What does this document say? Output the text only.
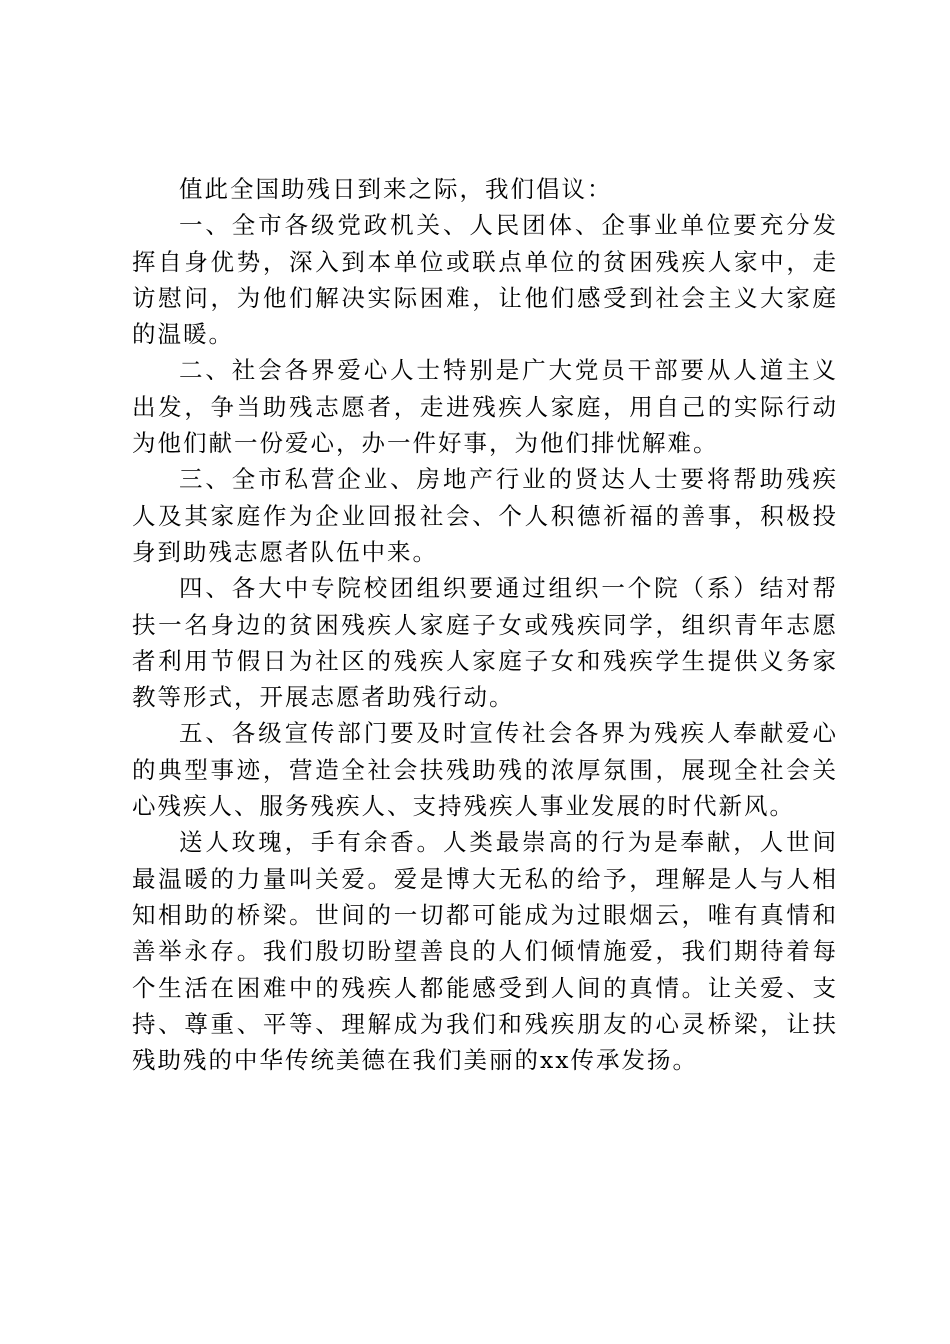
值此全国助残日到来之际，我们倡议：

一、全市各级党政机关、人民团体、企事业单位要充分发挥自身优势，深入到本单位或联点单位的贫困残疾人家中，走访慰问，为他们解决实际困难，让他们感受到社会主义大家庭的温暖。

二、社会各界爱心人士特别是广大党员干部要从人道主义出发，争当助残志愿者，走进残疾人家庭，用自己的实际行动为他们献一份爱心，办一件好事，为他们排忧解难。

三、全市私营企业、房地产行业的贤达人士要将帮助残疾人及其家庭作为企业回报社会、个人积德祈福的善事，积极投身到助残志愿者队伍中来。

四、各大中专院校团组织要通过组织一个院（系）结对帮扶一名身边的贫困残疾人家庭子女或残疾同学，组织青年志愿者利用节假日为社区的残疾人家庭子女和残疾学生提供义务家教等形式，开展志愿者助残行动。

五、各级宣传部门要及时宣传社会各界为残疾人奉献爱心的典型事迹，营造全社会扶残助残的浓厚氛围，展现全社会关心残疾人、服务残疾人、支持残疾人事业发展的时代新风。

送人玫瑰，手有余香。人类最崇高的行为是奉献，人世间最温暖的力量叫关爱。爱是博大无私的给予，理解是人与人相知相助的桥梁。世间的一切都可能成为过眼烟云，唯有真情和善举永存。我们殷切盼望善良的人们倾情施爱，我们期待着每个生活在困难中的残疾人都能感受到人间的真情。让关爱、支持、尊重、平等、理解成为我们和残疾朋友的心灵桥梁，让扶残助残的中华传统美德在我们美丽的xx传承发扬。
